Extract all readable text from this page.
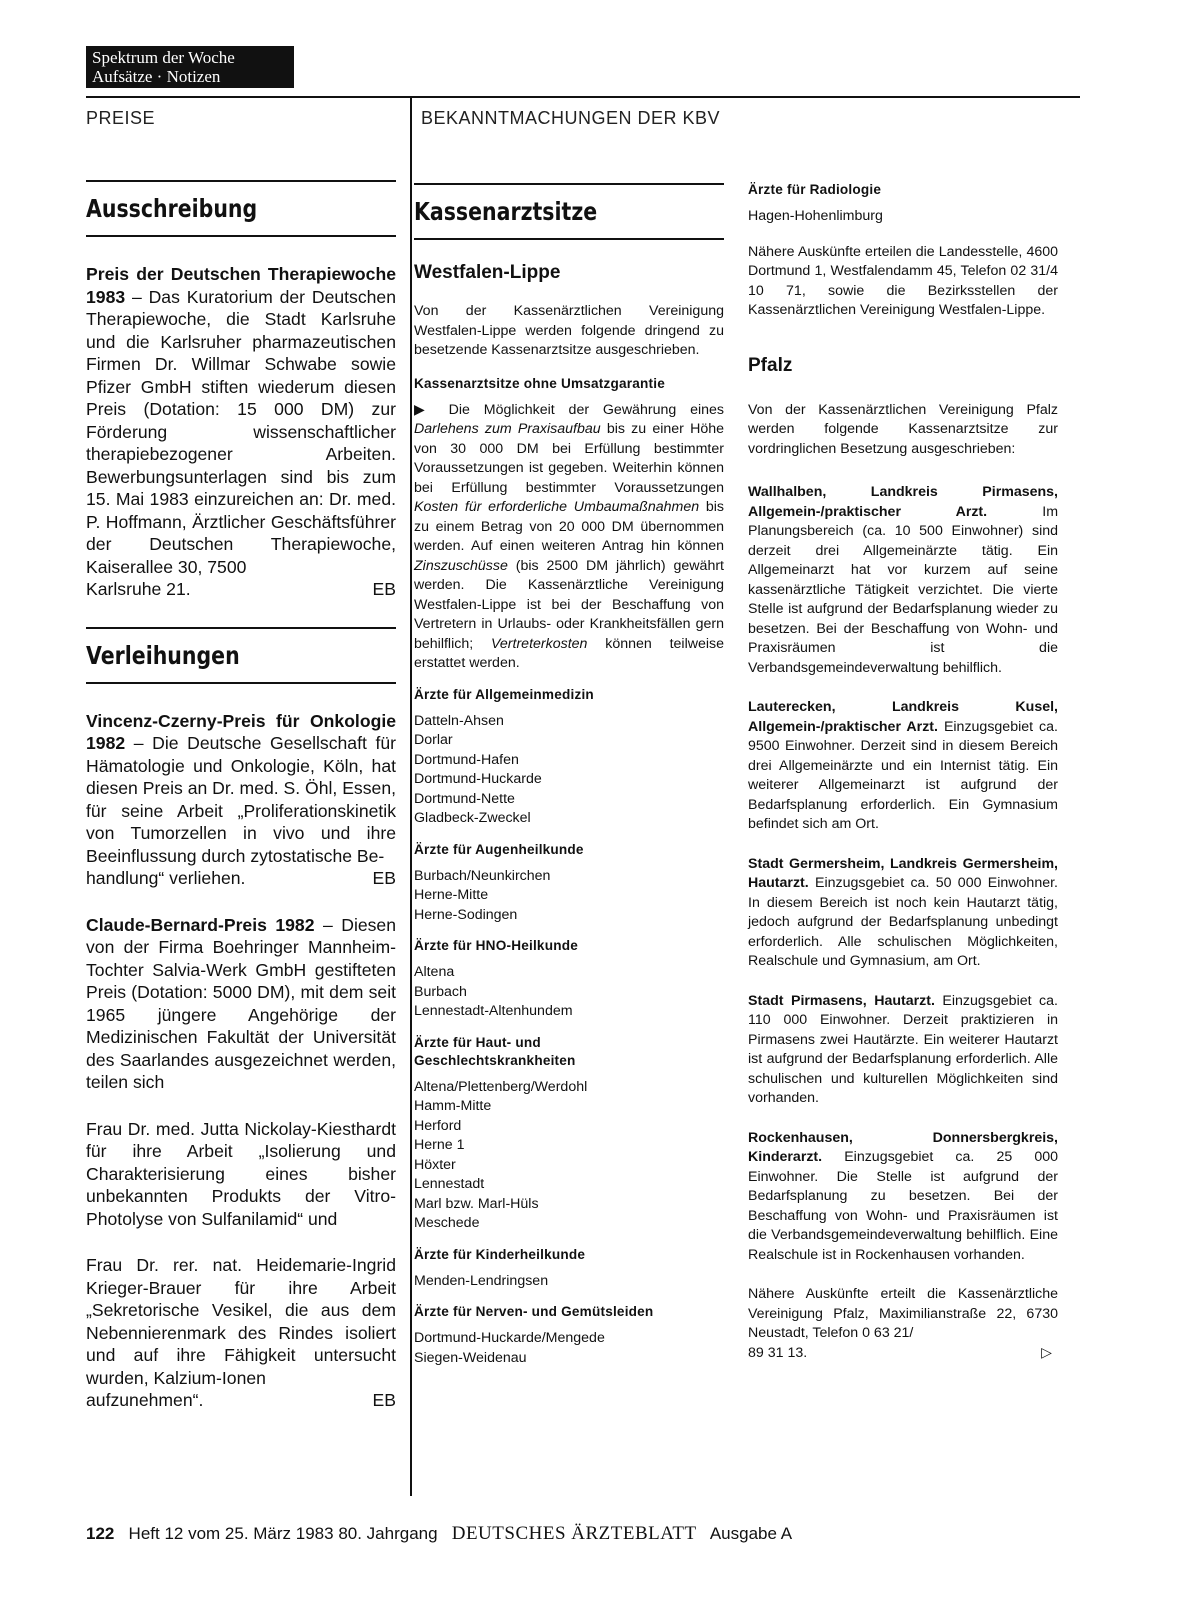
Spektrum der Woche
Aufsätze · Notizen
PREISE	BEKANNTMACHUNGEN DER KBV
Ausschreibung

Preis der Deutschen Therapiewoche 1983 – Das Kuratorium der Deutschen Therapiewoche, die Stadt Karlsruhe und die Karlsruher pharmazeutischen Firmen Dr. Willmar Schwabe sowie Pfizer GmbH stiften wiederum diesen Preis (Dotation: 15 000 DM) zur Förderung wissenschaftlicher therapiebezogener Arbeiten. Bewerbungsunterlagen sind bis zum 15. Mai 1983 einzureichen an: Dr. med. P. Hoffmann, Ärztlicher Geschäftsführer der Deutschen Therapiewoche, Kaiserallee 30, 7500

Karlsruhe 21.	EB

Verleihungen

Vincenz-Czerny-Preis für Onkologie 1982 – Die Deutsche Gesellschaft für Hämatologie und Onkologie, Köln, hat diesen Preis an Dr. med. S. Öhl, Essen, für seine Arbeit „Proliferationskinetik von Tumorzellen in vivo und ihre Beeinflussung durch zytostatische Be-

handlung“ verliehen.	EB

Claude-Bernard-Preis 1982 – Diesen von der Firma Boehringer Mannheim-Tochter Salvia-Werk GmbH gestifteten Preis (Dotation: 5000 DM), mit dem seit 1965 jüngere Angehörige der Medizinischen Fakultät der Universität des Saarlandes ausgezeichnet werden, teilen sich

Frau Dr. med. Jutta Nickolay-Kiesthardt für ihre Arbeit „Isolierung und Charakterisierung eines bisher unbekannten Produkts der Vitro-Photolyse von Sulfanilamid“ und

Frau Dr. rer. nat. Heidemarie-Ingrid Krieger-Brauer für ihre Arbeit „Sekretorische Vesikel, die aus dem Nebennierenmark des Rindes isoliert und auf ihre Fähigkeit untersucht wurden, Kalzium-Ionen

aufzunehmen“.	EB

Kassenarztsitze
Westfalen-Lippe

Von der Kassenärztlichen Vereinigung Westfalen-Lippe werden folgende dringend zu besetzende Kassenarztsitze ausgeschrieben.

Kassenarztsitze ohne Umsatzgarantie

▶ Die Möglichkeit der Gewährung eines Darlehens zum Praxisaufbau bis zu einer Höhe von 30 000 DM bei Erfüllung bestimmter Voraussetzungen ist gegeben. Weiterhin können bei Erfüllung bestimmter Voraussetzungen Kosten für erforderliche Umbaumaßnahmen bis zu einem Betrag von 20 000 DM übernommen werden. Auf einen weiteren Antrag hin können Zinszuschüsse (bis 2500 DM jährlich) gewährt werden. Die Kassenärztliche Vereinigung Westfalen-Lippe ist bei der Beschaffung von Vertretern in Urlaubs- oder Krankheitsfällen gern behilflich; Vertreterkosten können teilweise erstattet werden.

Ärzte für Allgemeinmedizin
Datteln-Ahsen
Dorlar
Dortmund-Hafen
Dortmund-Huckarde
Dortmund-Nette
Gladbeck-Zweckel
Ärzte für Augenheilkunde
Burbach/Neunkirchen
Herne-Mitte
Herne-Sodingen
Ärzte für HNO-Heilkunde
Altena
Burbach
Lennestadt-Altenhundem
Ärzte für Haut- und Geschlechtskrankheiten
Altena/Plettenberg/Werdohl
Hamm-Mitte
Herford
Herne 1
Höxter
Lennestadt
Marl bzw. Marl-Hüls
Meschede
Ärzte für Kinderheilkunde
Menden-Lendringsen
Ärzte für Nerven- und Gemütsleiden
Dortmund-Huckarde/Mengede
Siegen-Weidenau
Ärzte für Radiologie
Hagen-Hohenlimburg

Nähere Auskünfte erteilen die Landesstelle, 4600 Dortmund 1, Westfalendamm 45, Telefon 02 31/4 10 71, sowie die Bezirksstellen der Kassenärztlichen Vereinigung Westfalen-Lippe.

Pfalz

Von der Kassenärztlichen Vereinigung Pfalz werden folgende Kassenarztsitze zur vordringlichen Besetzung ausgeschrieben:

Wallhalben, Landkreis Pirmasens, Allgemein-/praktischer Arzt. Im Planungsbereich (ca. 10 500 Einwohner) sind derzeit drei Allgemeinärzte tätig. Ein Allgemeinarzt hat vor kurzem auf seine kassenärztliche Tätigkeit verzichtet. Die vierte Stelle ist aufgrund der Bedarfsplanung wieder zu besetzen. Bei der Beschaffung von Wohn- und Praxisräumen ist die Verbandsgemeindeverwaltung behilflich.

Lauterecken, Landkreis Kusel, Allgemein-/praktischer Arzt. Einzugsgebiet ca. 9500 Einwohner. Derzeit sind in diesem Bereich drei Allgemeinärzte und ein Internist tätig. Ein weiterer Allgemeinarzt ist aufgrund der Bedarfsplanung erforderlich. Ein Gymnasium befindet sich am Ort.

Stadt Germersheim, Landkreis Germersheim, Hautarzt. Einzugsgebiet ca. 50 000 Einwohner. In diesem Bereich ist noch kein Hautarzt tätig, jedoch aufgrund der Bedarfsplanung unbedingt erforderlich. Alle schulischen Möglichkeiten, Realschule und Gymnasium, am Ort.

Stadt Pirmasens, Hautarzt. Einzugsgebiet ca. 110 000 Einwohner. Derzeit praktizieren in Pirmasens zwei Hautärzte. Ein weiterer Hautarzt ist aufgrund der Bedarfsplanung erforderlich. Alle schulischen und kulturellen Möglichkeiten sind vorhanden.

Rockenhausen, Donnersbergkreis, Kinderarzt. Einzugsgebiet ca. 25 000 Einwohner. Die Stelle ist aufgrund der Bedarfsplanung zu besetzen. Bei der Beschaffung von Wohn- und Praxisräumen ist die Verbandsgemeindeverwaltung behilflich. Eine Realschule ist in Rockenhausen vorhanden.

Nähere Auskünfte erteilt die Kassenärztliche Vereinigung Pfalz, Maximilianstraße 22, 6730 Neustadt, Telefon 0 63 21/

89 31 13.	▷

122 Heft 12 vom 25. März 1983 80. Jahrgang DEUTSCHES ÄRZTEBLATT Ausgabe A
